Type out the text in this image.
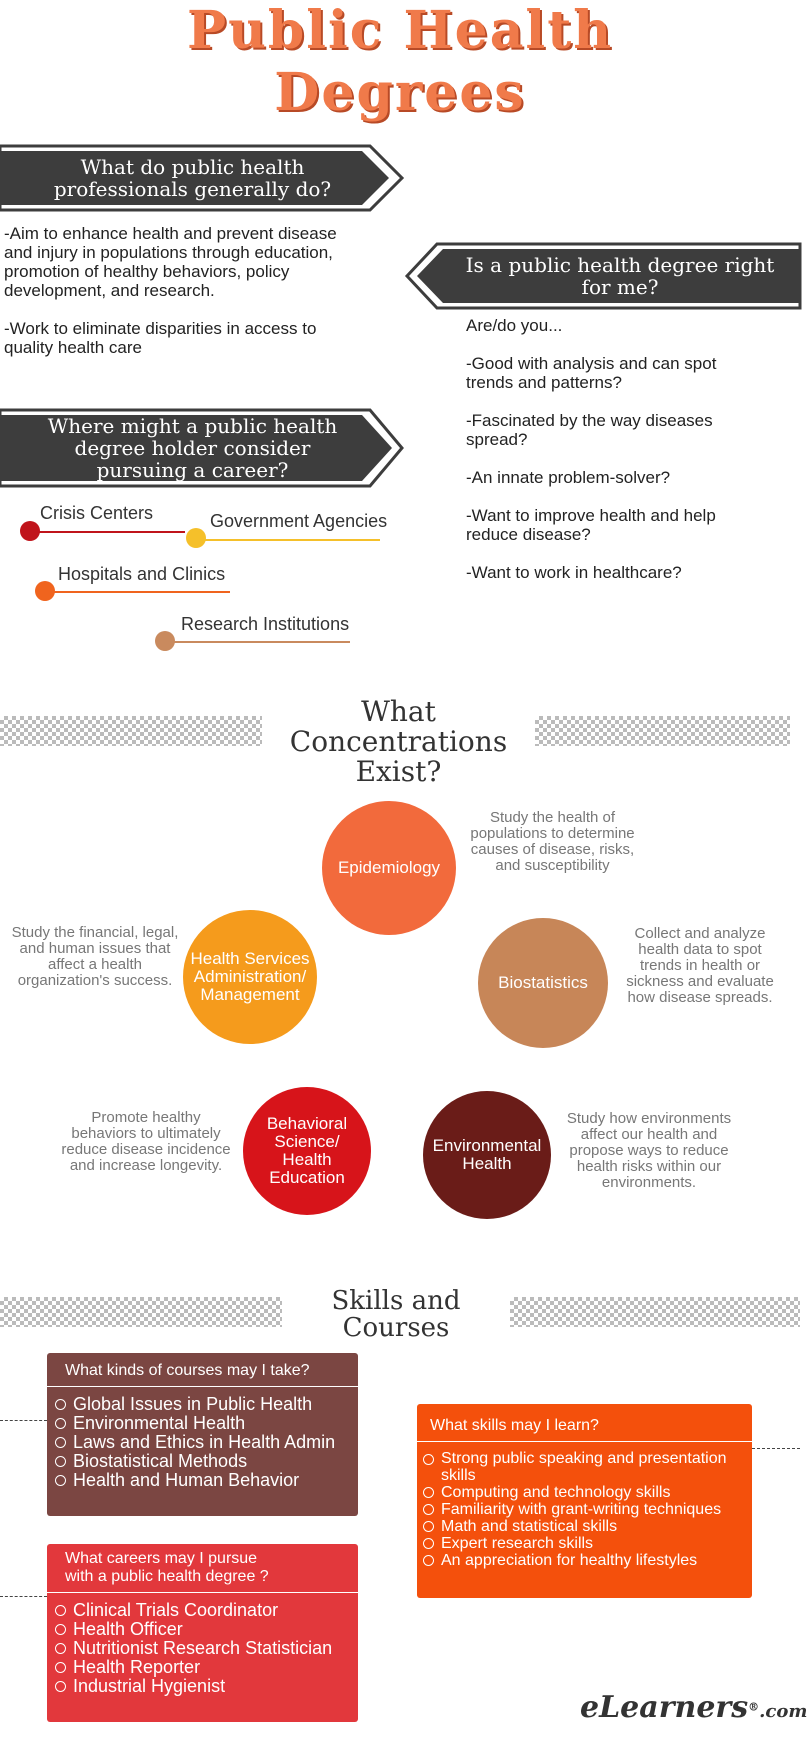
Public Health
Degrees
What do public health
professionals generally do?
-Aim to enhance health and prevent disease and injury in populations through education, promotion of healthy behaviors, policy development, and research.
-Work to eliminate disparities in access to quality health care
Is a public health degree right
for me?
Are/do you...
-Good with analysis and can spot trends and patterns?
-Fascinated by the way diseases spread?
-An innate problem-solver?
-Want to improve health and help reduce disease?
-Want to work in healthcare?
Where might a public health
degree holder consider
pursuing a career?
Crisis Centers	Government Agencies
Hospitals and Clinics
Research Institutions
What
Concentrations
Exist?
Epidemiology
Study the health of populations to determine causes of disease, risks, and susceptibility
Health Services Administration/ Management
Study the financial, legal, and human issues that affect a health organization's success.	Biostatistics
Collect and analyze health data to spot trends in health or sickness and evaluate how disease spreads.
Behavioral Science/ Health Education
Promote healthy behaviors to ultimately reduce disease incidence and increase longevity.
Environmental Health
Study how environments affect our health and propose ways to reduce health risks within our environments.
Skills and
Courses
What kinds of courses may I take?
Global Issues in Public Health
Environmental Health
Laws and Ethics in Health Admin
Biostatistical Methods
Health and Human Behavior
What skills may I learn?
Strong public speaking and presentation skills
Computing and technology skills
Familiarity with grant-writing techniques
Math and statistical skills
Expert research skills
An appreciation for healthy lifestyles
What careers may I pursue
with a public health degree ?
Clinical Trials Coordinator
Health Officer
Nutritionist Research Statistician
Health Reporter
Industrial Hygienist
eLearners®.com
